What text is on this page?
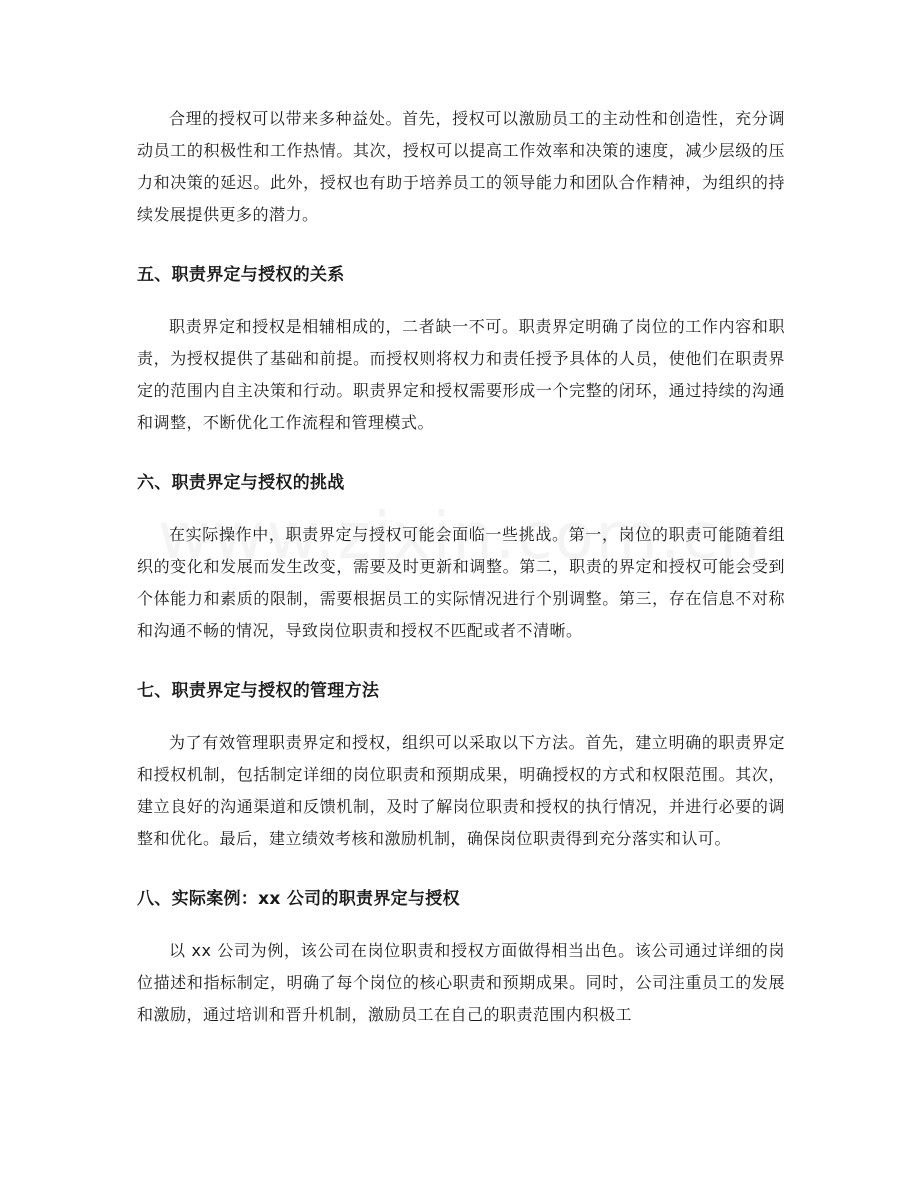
合理的授权可以带来多种益处。首先，授权可以激励员工的主动性和创造性，充分调动员工的积极性和工作热情。其次，授权可以提高工作效率和决策的速度，减少层级的压力和决策的延迟。此外，授权也有助于培养员工的领导能力和团队合作精神，为组织的持续发展提供更多的潜力。

五、职责界定与授权的关系

职责界定和授权是相辅相成的，二者缺一不可。职责界定明确了岗位的工作内容和职责，为授权提供了基础和前提。而授权则将权力和责任授予具体的人员，使他们在职责界定的范围内自主决策和行动。职责界定和授权需要形成一个完整的闭环，通过持续的沟通和调整，不断优化工作流程和管理模式。

六、职责界定与授权的挑战

在实际操作中，职责界定与授权可能会面临一些挑战。第一，岗位的职责可能随着组织的变化和发展而发生改变，需要及时更新和调整。第二，职责的界定和授权可能会受到个体能力和素质的限制，需要根据员工的实际情况进行个别调整。第三，存在信息不对称和沟通不畅的情况，导致岗位职责和授权不匹配或者不清晰。

七、职责界定与授权的管理方法

为了有效管理职责界定和授权，组织可以采取以下方法。首先，建立明确的职责界定和授权机制，包括制定详细的岗位职责和预期成果，明确授权的方式和权限范围。其次，建立良好的沟通渠道和反馈机制，及时了解岗位职责和授权的执行情况，并进行必要的调整和优化。最后，建立绩效考核和激励机制，确保岗位职责得到充分落实和认可。

八、实际案例：xx 公司的职责界定与授权

以 xx 公司为例，该公司在岗位职责和授权方面做得相当出色。该公司通过详细的岗位描述和指标制定，明确了每个岗位的核心职责和预期成果。同时，公司注重员工的发展和激励，通过培训和晋升机制，激励员工在自己的职责范围内积极工
